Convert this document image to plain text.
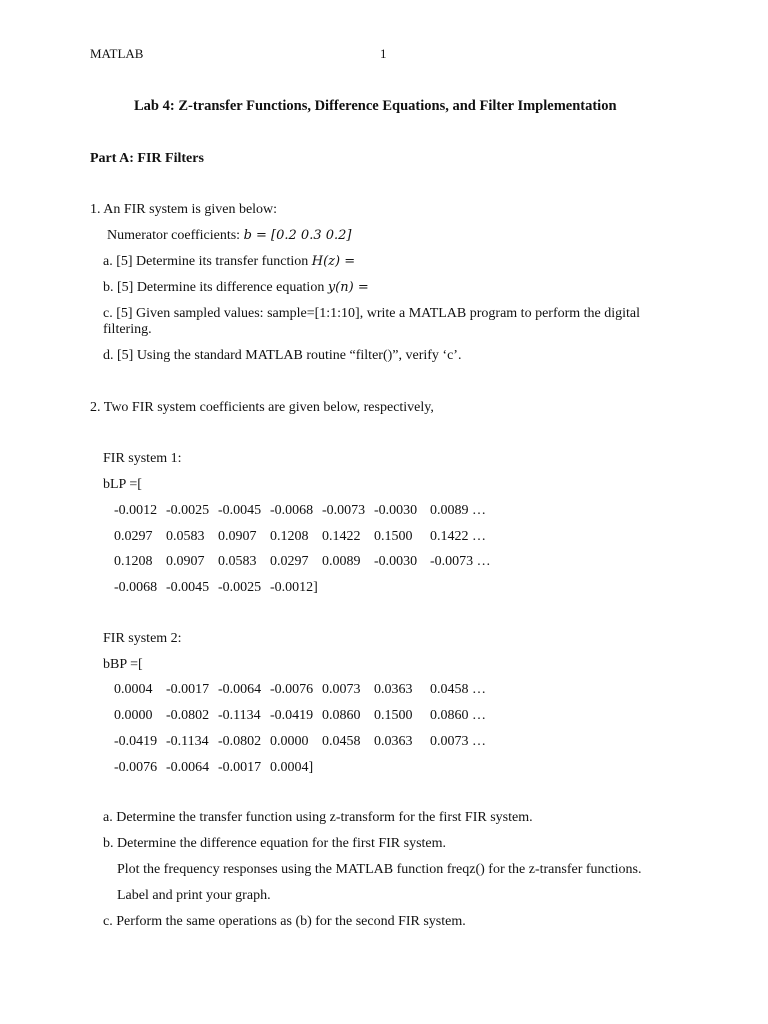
MATLAB	1
Lab 4: Z-transfer Functions, Difference Equations, and Filter Implementation
Part A: FIR Filters
1. An FIR system is given below:
Numerator coefficients: b = [0.2 0.3 0.2]
a. [5] Determine its transfer function H(z) =
b. [5] Determine its difference equation y(n) =
c. [5] Given sampled values: sample=[1:1:10], write a MATLAB program to perform the digital
filtering.
d. [5] Using the standard MATLAB routine “filter()”, verify ‘c’.
2. Two FIR system coefficients are given below, respectively,
FIR system 1:
bLP =[
-0.0012 -0.0025 -0.0045 -0.0068 -0.0073 -0.0030 0.0089 …
0.0297 0.0583 0.0907 0.1208 0.1422 0.1500 0.1422 …
0.1208 0.0907 0.0583 0.0297 0.0089 -0.0030 -0.0073 …
-0.0068 -0.0045 -0.0025 -0.0012]
FIR system 2:
bBP =[
0.0004 -0.0017 -0.0064 -0.0076 0.0073 0.0363 0.0458 …
0.0000 -0.0802 -0.1134 -0.0419 0.0860 0.1500 0.0860 …
-0.0419 -0.1134 -0.0802 0.0000 0.0458 0.0363 0.0073 …
-0.0076 -0.0064 -0.0017 0.0004]
a. Determine the transfer function using z-transform for the first FIR system.
b. Determine the difference equation for the first FIR system.
Plot the frequency responses using the MATLAB function freqz() for the z-transfer functions.
Label and print your graph.
c. Perform the same operations as (b) for the second FIR system.
